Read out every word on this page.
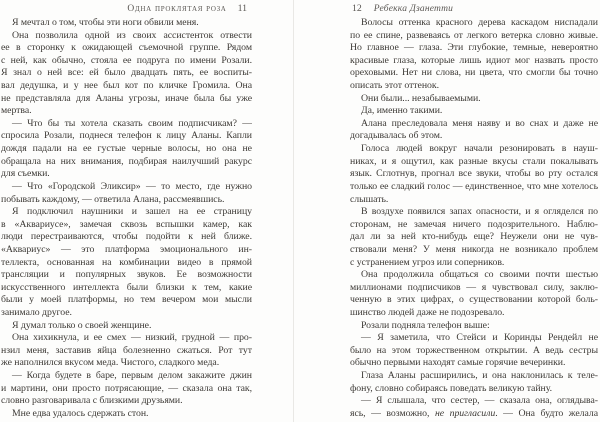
Одна проклятая роза 11
Я мечтал о том, чтобы эти ноги обвили меня.
Она позволила одной из своих ассистенток отвести
ее в сторонку к ожидающей съемочной группе. Рядом
с ней, как обычно, стояла ее подруга по имени Розали.
Я знал о ней все: ей было двадцать пять, ее воспиты-
вал дедушка, и у нее был кот по кличке Громила. Она
не представляла для Аланы угрозы, иначе была бы уже
мертва.
— Что бы ты хотела сказать своим подписчикам? —
спросила Розали, поднеся телефон к лицу Аланы. Капли
дождя падали на ее густые черные волосы, но она не
обращала на них внимания, подбирая наилучший ракурс
для съемки.
— Что «Городской Эликсир» — то место, где нужно
побывать каждому, — ответила Алана, рассмеявшись.
Я подключил наушники и зашел на ее страницу
в «Аквариусе», замечая сквозь вспышки камер, как
люди перестраиваются, чтобы подойти к ней ближе.
«Аквариус» — это платформа эмоционального ин-
теллекта, основанная на комбинации видео в прямой
трансляции и популярных звуков. Ее возможности
искусственного интеллекта были близки к тем, какие
были у моей платформы, но тем вечером мои мысли
занимало другое.
Я думал только о своей женщине.
Она хихикнула, и ее смех — низкий, грудной — про-
нзил меня, заставив яйца болезненно сжаться. Рот тут
же наполнился вкусом меда. Чистого, сладкого меда.
— Когда будете в баре, первым делом закажите джин
и мартини, они просто потрясающие, — сказала она так,
словно разговаривала с близкими друзьями.
Мне едва удалось сдержать стон.
12 Ребекка Дзанетти
Волосы оттенка красного дерева каскадом ниспадали
по ее спине, развеваясь от легкого ветерка словно живые.
Но главное — глаза. Эти глубокие, темные, невероятно
красивые глаза, которые лишь идиот мог назвать просто
ореховыми. Нет ни слова, ни цвета, что смогли бы точно
описать этот оттенок.
Они были... незабываемыми.
Да, именно такими.
Алана преследовала меня наяву и во снах и даже не
догадывалась об этом.
Голоса людей вокруг начали резонировать в науш-
никах, и я ощутил, как разные вкусы стали покалывать
язык. Сглотнув, прогнал все звуки, чтобы во рту остался
только ее сладкий голос — единственное, что мне хотелось
слышать.
В воздухе появился запах опасности, и я огляделся по
сторонам, не замечая ничего подозрительного. Наблю-
дал ли за ней кто-нибудь еще? Неужели они не чув-
ствовали меня? У меня никогда не возникало проблем
с устранением угроз или соперников.
Она продолжила общаться со своими почти шестью
миллионами подписчиков — я чувствовал силу, заклю-
ченную в этих цифрах, о существовании которой боль-
шинство людей даже не подозревало.
Розали подняла телефон выше:
— Я заметила, что Стейси и Коринды Рендейл не
было на этом торжественном открытии. А ведь сестры
обычно первыми находят самые горячие вечеринки.
Глаза Аланы расширились, и она наклонилась к теле-
фону, словно собираясь поведать великую тайну.
— Я слышала, что сестер, — сказала она, оглядыва-
ясь, — возможно, не пригласили. — Она будто желала
